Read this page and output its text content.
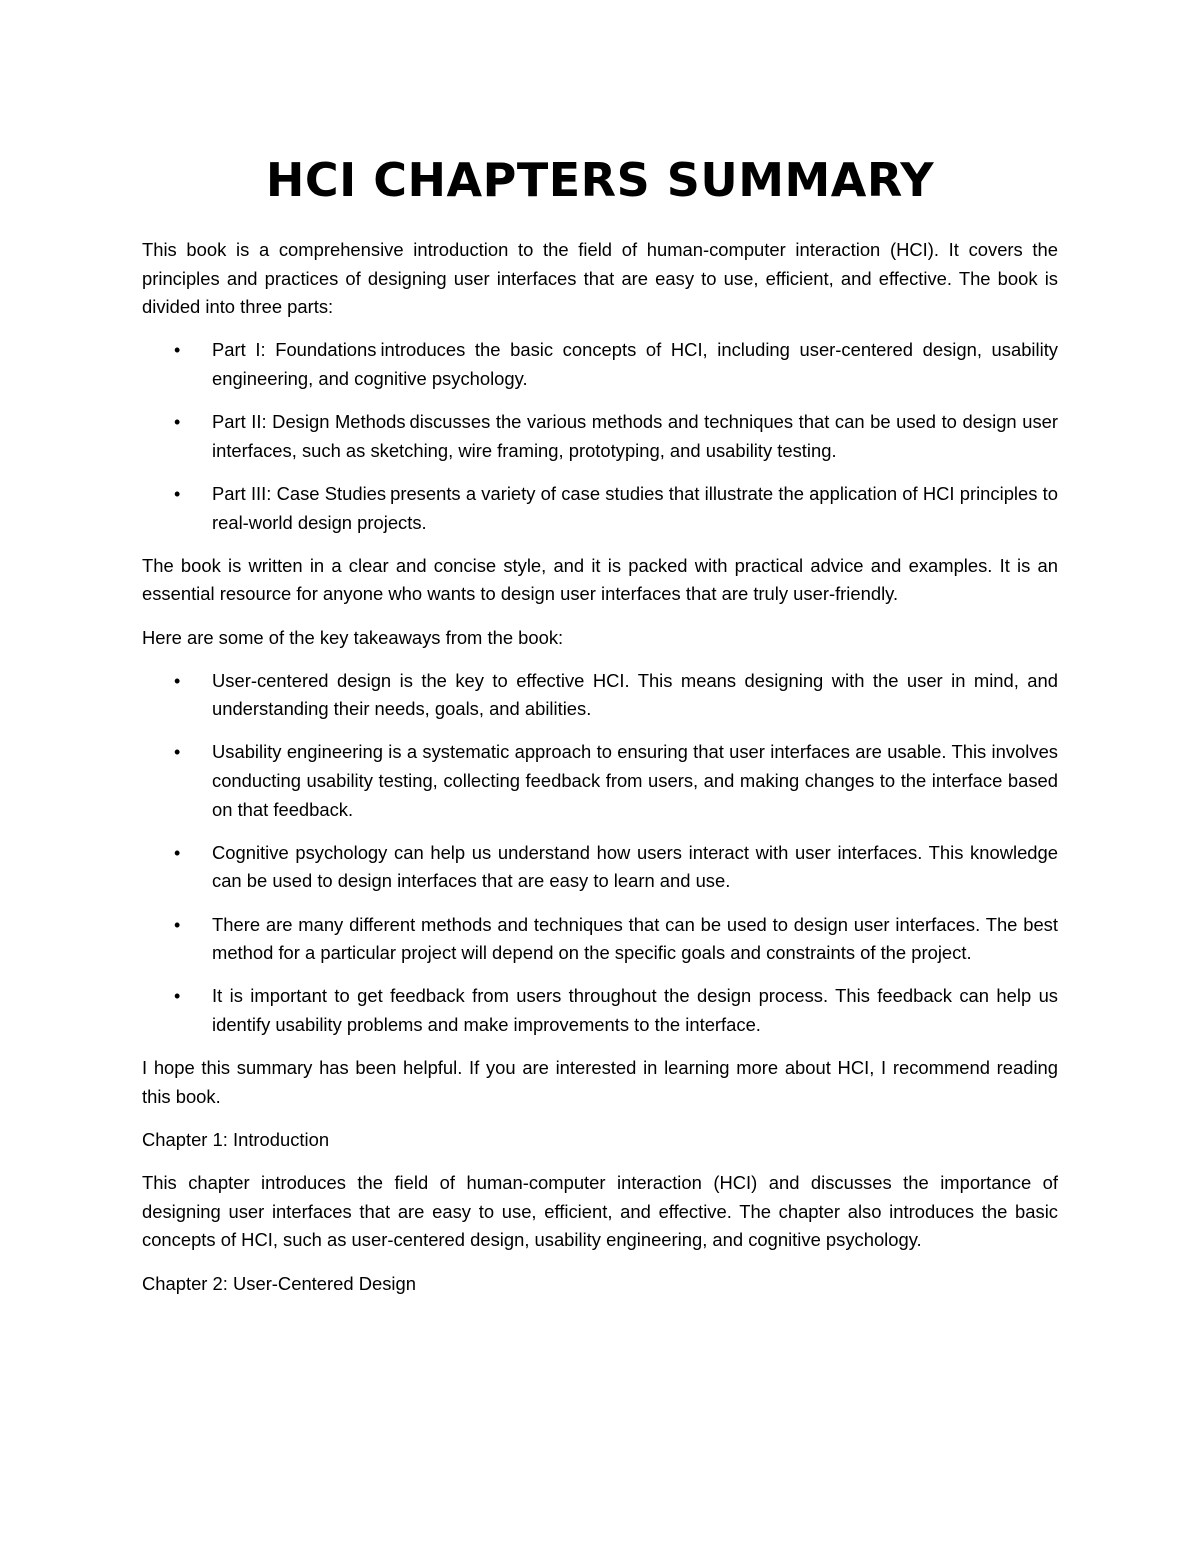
HCI CHAPTERS SUMMARY

This book is a comprehensive introduction to the field of human-computer interaction (HCI). It covers the principles and practices of designing user interfaces that are easy to use, efficient, and effective. The book is divided into three parts:

• Part I: Foundations introduces the basic concepts of HCI, including user-centered design, usability engineering, and cognitive psychology.
• Part II: Design Methods discusses the various methods and techniques that can be used to design user interfaces, such as sketching, wire framing, prototyping, and usability testing.
• Part III: Case Studies presents a variety of case studies that illustrate the application of HCI principles to real-world design projects.

The book is written in a clear and concise style, and it is packed with practical advice and examples. It is an essential resource for anyone who wants to design user interfaces that are truly user-friendly.

Here are some of the key takeaways from the book:

• User-centered design is the key to effective HCI. This means designing with the user in mind, and understanding their needs, goals, and abilities.
• Usability engineering is a systematic approach to ensuring that user interfaces are usable. This involves conducting usability testing, collecting feedback from users, and making changes to the interface based on that feedback.
• Cognitive psychology can help us understand how users interact with user interfaces. This knowledge can be used to design interfaces that are easy to learn and use.
• There are many different methods and techniques that can be used to design user interfaces. The best method for a particular project will depend on the specific goals and constraints of the project.
• It is important to get feedback from users throughout the design process. This feedback can help us identify usability problems and make improvements to the interface.

I hope this summary has been helpful. If you are interested in learning more about HCI, I recommend reading this book.

Chapter 1: Introduction

This chapter introduces the field of human-computer interaction (HCI) and discusses the importance of designing user interfaces that are easy to use, efficient, and effective. The chapter also introduces the basic concepts of HCI, such as user-centered design, usability engineering, and cognitive psychology.

Chapter 2: User-Centered Design
